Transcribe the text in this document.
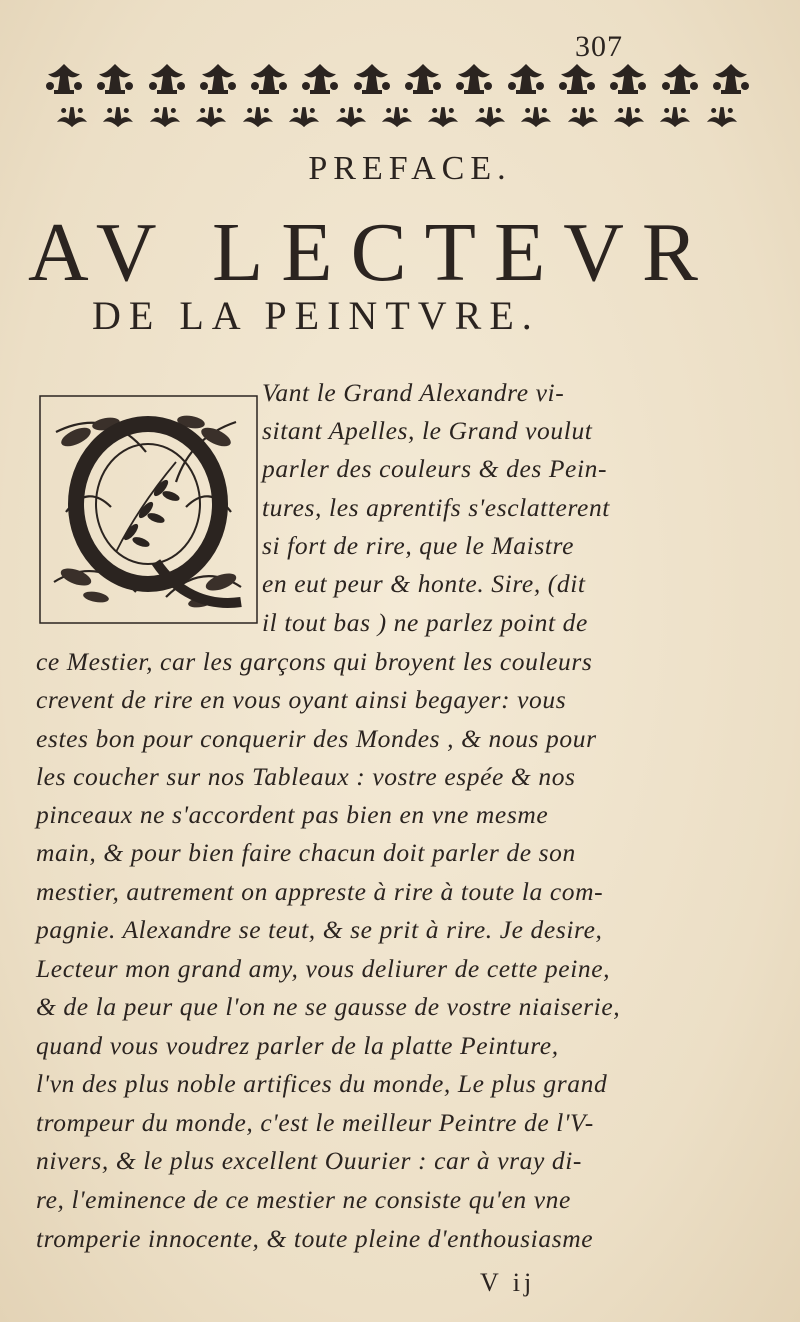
307
PREFACE.
AV LECTEVR
DE LA PEINTVRE.
Vant le Grand Alexandre vi-
sitant Apelles, le Grand voulut
parler des couleurs & des Pein-
tures, les aprentifs s'esclatterent
si fort de rire, que le Maistre
en eut peur & honte. Sire, (dit
il tout bas ) ne parlez point de
ce Mestier, car les garçons qui broyent les couleurs
crevent de rire en vous oyant ainsi begayer: vous
estes bon pour conquerir des Mondes , & nous pour
les coucher sur nos Tableaux : vostre espée & nos
pinceaux ne s'accordent pas bien en vne mesme
main, & pour bien faire chacun doit parler de son
mestier, autrement on appreste à rire à toute la com-
pagnie. Alexandre se teut, & se prit à rire. Je desire,
Lecteur mon grand amy, vous deliurer de cette peine,
& de la peur que l'on ne se gausse de vostre niaiserie,
quand vous voudrez parler de la platte Peinture,
l'vn des plus noble artifices du monde, Le plus grand
trompeur du monde, c'est le meilleur Peintre de l'V-
nivers, & le plus excellent Ouurier : car à vray di-
re, l'eminence de ce mestier ne consiste qu'en vne
tromperie innocente, & toute pleine d'enthousiasme
V ij
